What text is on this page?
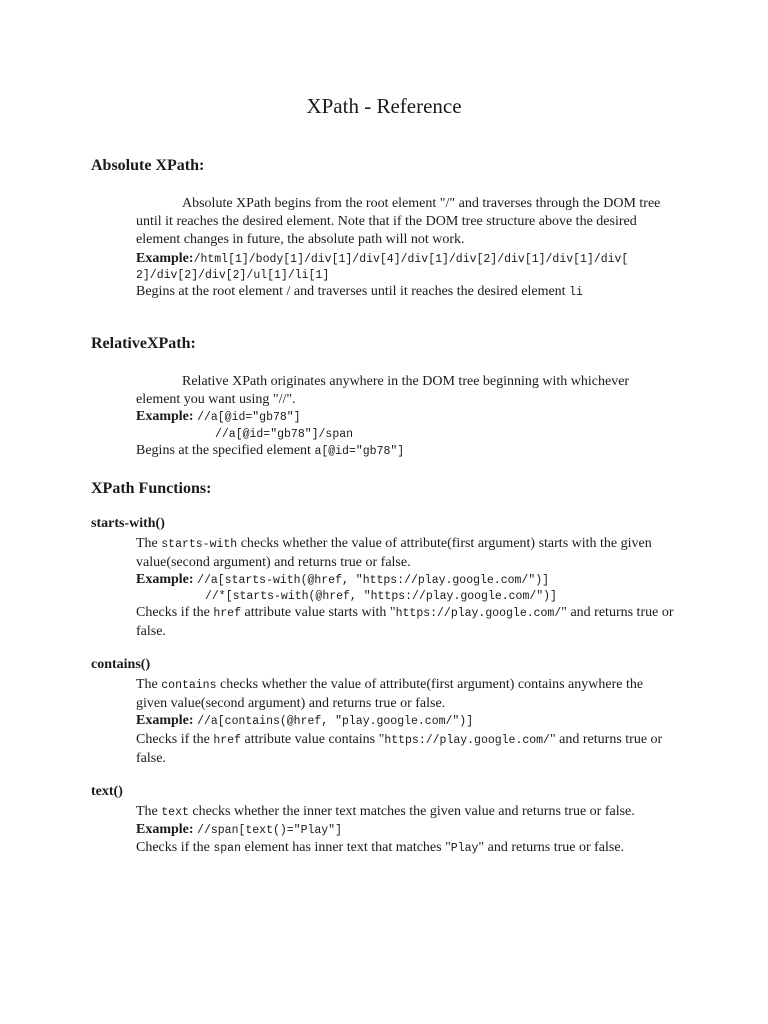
XPath - Reference
Absolute XPath:
Absolute XPath begins from the root element "/" and traverses through the DOM tree until it reaches the desired element. Note that if the DOM tree structure above the desired element changes in future, the absolute path will not work.
Example:/html[1]/body[1]/div[1]/div[4]/div[1]/div[2]/div[1]/div[1]/div[
2]/div[2]/div[2]/ul[1]/li[1]
Begins at the root element / and traverses until it reaches the desired element li
RelativeXPath:
Relative XPath originates anywhere in the DOM tree beginning with whichever element you want using "//".
Example: //a[@id="gb78"]
//a[@id="gb78"]/span
Begins at the specified element a[@id="gb78"]
XPath Functions:
starts-with()
The starts-with checks whether the value of attribute(first argument) starts with the given value(second argument) and returns true or false.
Example: //a[starts-with(@href, "https://play.google.com/")]
//*[starts-with(@href, "https://play.google.com/")]
Checks if the href attribute value starts with "https://play.google.com/" and returns true or false.
contains()
The contains checks whether the value of attribute(first argument) contains anywhere the given value(second argument) and returns true or false.
Example: //a[contains(@href, "play.google.com/")]
Checks if the href attribute value contains "https://play.google.com/" and returns true or false.
text()
The text checks whether the inner text matches the given value and returns true or false.
Example: //span[text()="Play"]
Checks if the span element has inner text that matches "Play" and returns true or false.
